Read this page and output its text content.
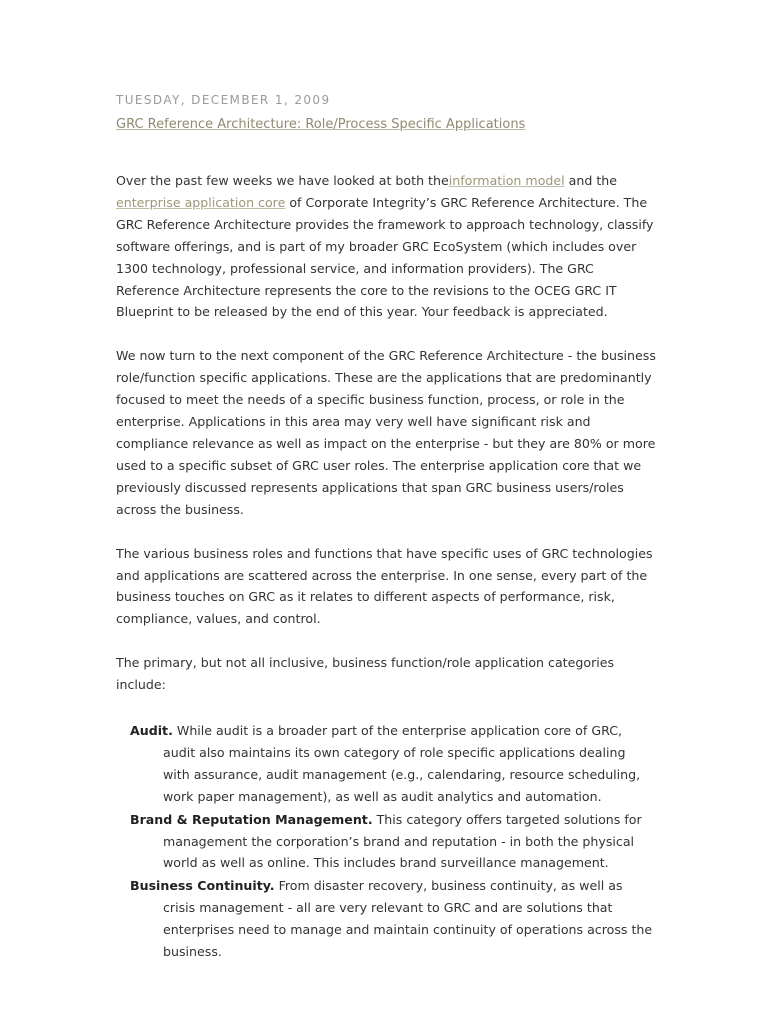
TUESDAY, DECEMBER 1, 2009
GRC Reference Architecture: Role/Process Specific Applications

Over the past few weeks we have looked at both theinformation model and the enterprise application core of Corporate Integrity’s GRC Reference Architecture. The GRC Reference Architecture provides the framework to approach technology, classify software offerings, and is part of my broader GRC EcoSystem (which includes over 1300 technology, professional service, and information providers). The GRC Reference Architecture represents the core to the revisions to the OCEG GRC IT Blueprint to be released by the end of this year. Your feedback is appreciated.

We now turn to the next component of the GRC Reference Architecture - the business role/function specific applications. These are the applications that are predominantly focused to meet the needs of a specific business function, process, or role in the enterprise. Applications in this area may very well have significant risk and compliance relevance as well as impact on the enterprise - but they are 80% or more used to a specific subset of GRC user roles. The enterprise application core that we previously discussed represents applications that span GRC business users/roles across the business.

The various business roles and functions that have specific uses of GRC technologies and applications are scattered across the enterprise. In one sense, every part of the business touches on GRC as it relates to different aspects of performance, risk, compliance, values, and control.

The primary, but not all inclusive, business function/role application categories include:

Audit. While audit is a broader part of the enterprise application core of GRC, audit also maintains its own category of role specific applications dealing with assurance, audit management (e.g., calendaring, resource scheduling, work paper management), as well as audit analytics and automation.
Brand & Reputation Management. This category offers targeted solutions for management the corporation’s brand and reputation - in both the physical world as well as online. This includes brand surveillance management.
Business Continuity. From disaster recovery, business continuity, as well as crisis management - all are very relevant to GRC and are solutions that enterprises need to manage and maintain continuity of operations across the business.
